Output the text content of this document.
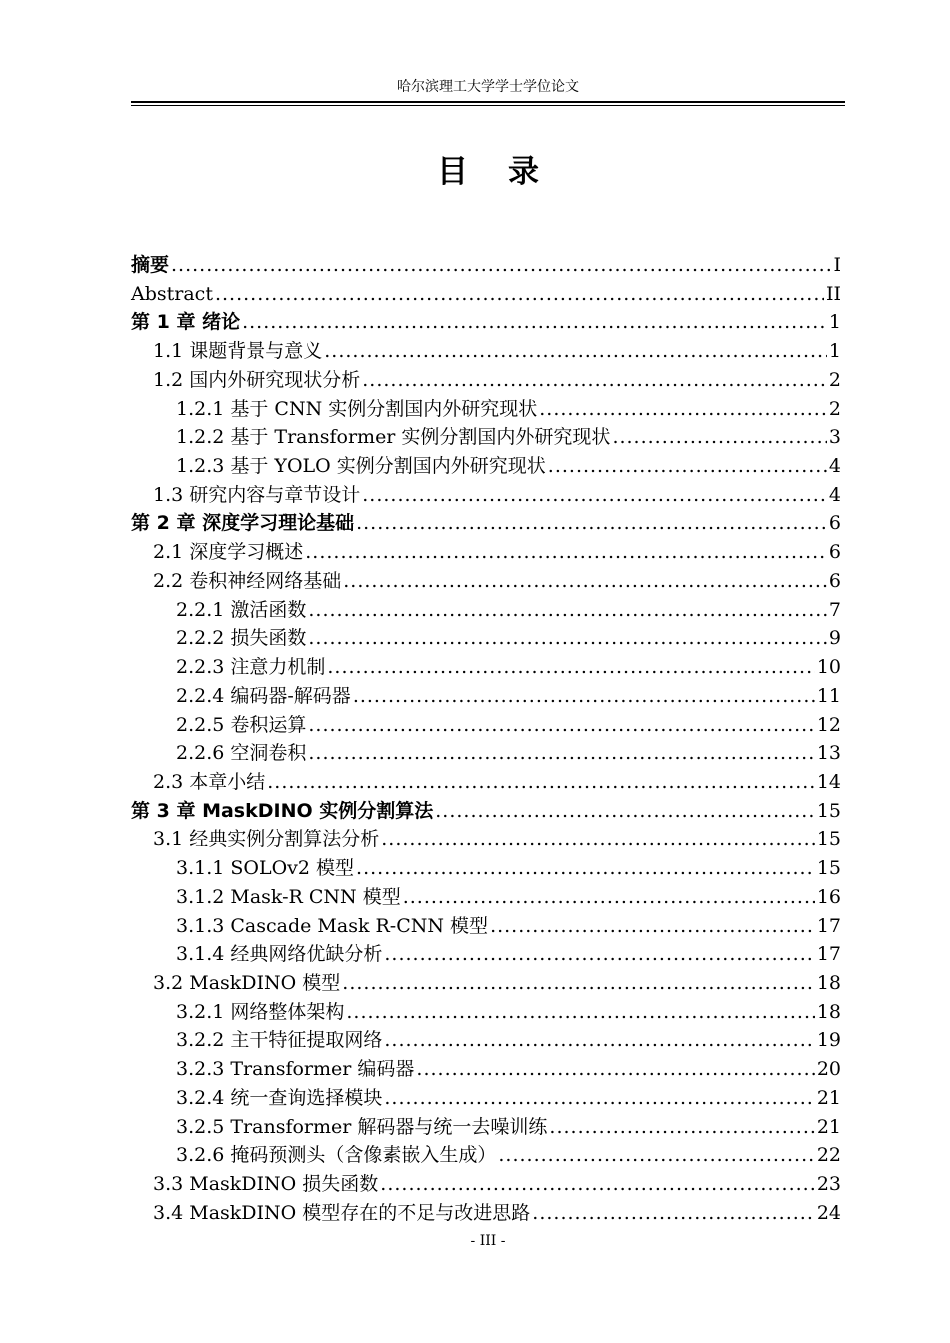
哈尔滨理工大学学士学位论文
目录
摘要 .....	I
Abstract .....	II
第 1 章 绪论 .....	1
1.1 课题背景与意义 .....	1
1.2 国内外研究现状分析 .....	2
1.2.1 基于 CNN 实例分割国内外研究现状 .....	2
1.2.2 基于 Transformer 实例分割国内外研究现状 .....	3
1.2.3 基于 YOLO 实例分割国内外研究现状 .....	4
1.3 研究内容与章节设计 .....	4
第 2 章 深度学习理论基础 .....	6
2.1 深度学习概述 .....	6
2.2 卷积神经网络基础 .....	6
2.2.1 激活函数 .....	7
2.2.2 损失函数 .....	9
2.2.3 注意力机制 .....	10
2.2.4 编码器-解码器 .....	11
2.2.5 卷积运算 .....	12
2.2.6 空洞卷积 .....	13
2.3 本章小结 .....	14
第 3 章 MaskDINO 实例分割算法 .....	15
3.1 经典实例分割算法分析 .....	15
3.1.1 SOLOv2 模型 .....	15
3.1.2 Mask-R CNN 模型 .....	16
3.1.3 Cascade Mask R-CNN 模型 .....	17
3.1.4 经典网络优缺分析 .....	17
3.2 MaskDINO 模型 .....	18
3.2.1 网络整体架构 .....	18
3.2.2 主干特征提取网络 .....	19
3.2.3 Transformer 编码器 .....	20
3.2.4 统一查询选择模块 .....	21
3.2.5 Transformer 解码器与统一去噪训练 .....	21
3.2.6 掩码预测头（含像素嵌入生成） .....	22
3.3 MaskDINO 损失函数 .....	23
3.4 MaskDINO 模型存在的不足与改进思路 .....	24
- III -
